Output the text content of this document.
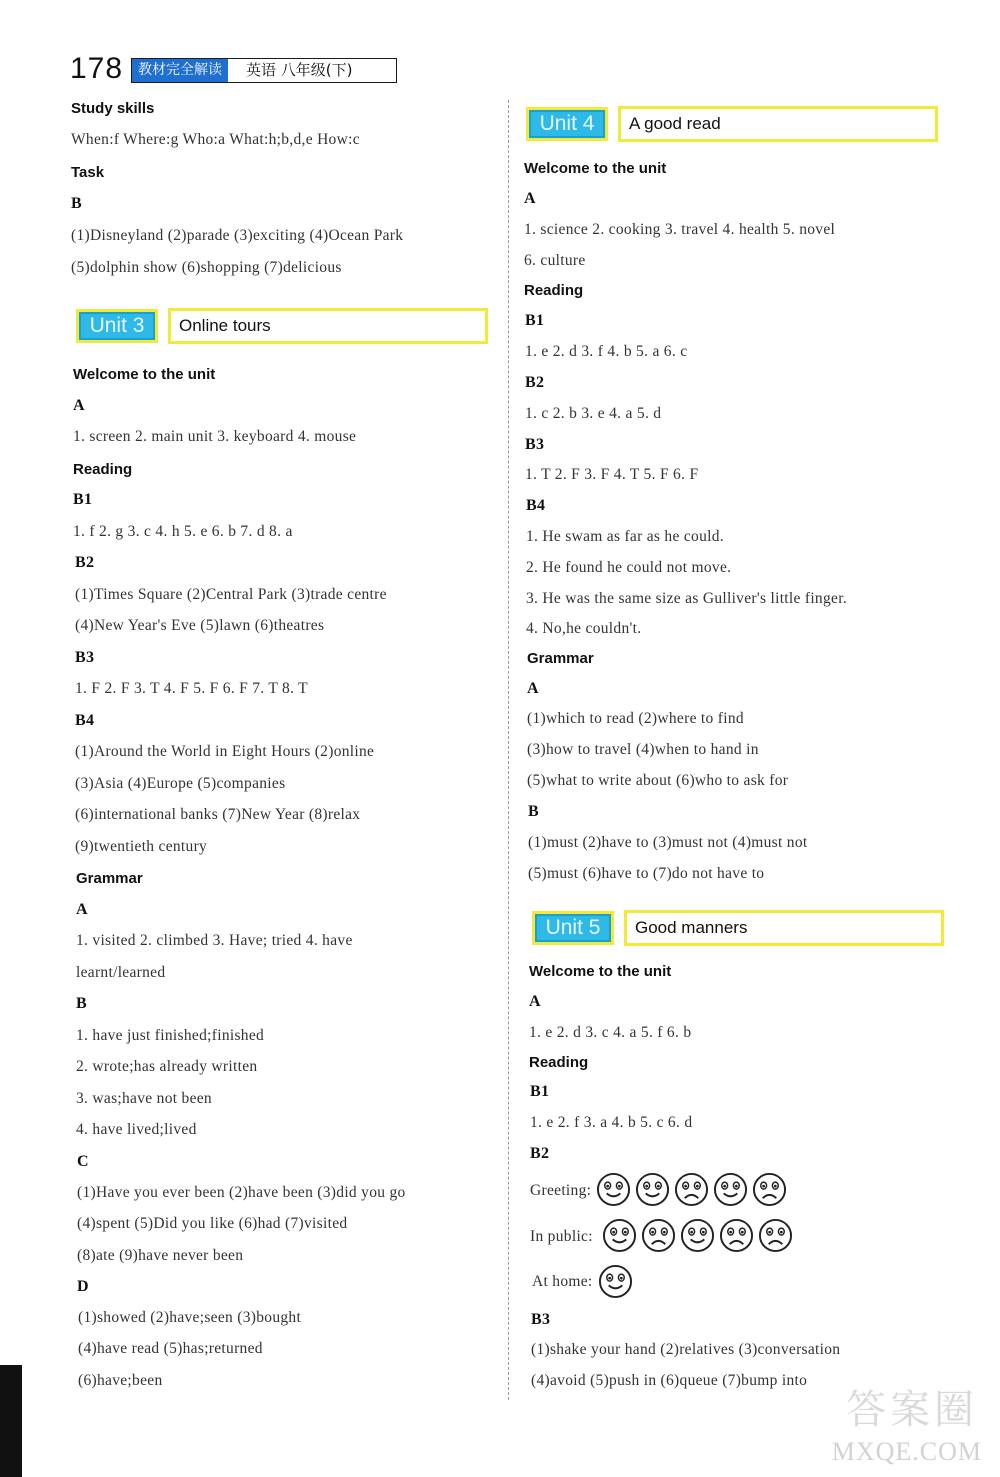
178	教材完全解读	英语 八年级(下)
Study skills
When:f Where:g Who:a What:h;b,d,e How:c
Task
B
(1)Disneyland (2)parade (3)exciting (4)Ocean Park
(5)dolphin show (6)shopping (7)delicious
Unit 3	Online tours
Welcome to the unit
A
1. screen 2. main unit 3. keyboard 4. mouse
Reading
B1
1. f 2. g 3. c 4. h 5. e 6. b 7. d 8. a
B2
(1)Times Square (2)Central Park (3)trade centre
(4)New Year's Eve (5)lawn (6)theatres
B3
1. F 2. F 3. T 4. F 5. F 6. F 7. T 8. T
B4
(1)Around the World in Eight Hours (2)online
(3)Asia (4)Europe (5)companies
(6)international banks (7)New Year (8)relax
(9)twentieth century
Grammar
A
1. visited 2. climbed 3. Have; tried 4. have
learnt/learned
B
1. have just finished;finished
2. wrote;has already written
3. was;have not been
4. have lived;lived
C
(1)Have you ever been (2)have been (3)did you go
(4)spent (5)Did you like (6)had (7)visited
(8)ate (9)have never been
D
(1)showed (2)have;seen (3)bought
(4)have read (5)has;returned
(6)have;been
Unit 4	A good read
Welcome to the unit
A
1. science 2. cooking 3. travel 4. health 5. novel
6. culture
Reading
B1
1. e 2. d 3. f 4. b 5. a 6. c
B2
1. c 2. b 3. e 4. a 5. d
B3
1. T 2. F 3. F 4. T 5. F 6. F
B4
1. He swam as far as he could.
2. He found he could not move.
3. He was the same size as Gulliver's little finger.
4. No,he couldn't.
Grammar
A
(1)which to read (2)where to find
(3)how to travel (4)when to hand in
(5)what to write about (6)who to ask for
B
(1)must (2)have to (3)must not (4)must not
(5)must (6)have to (7)do not have to
Unit 5	Good manners
Welcome to the unit
A
1. e 2. d 3. c 4. a 5. f 6. b
Reading
B1
1. e 2. f 3. a 4. b 5. c 6. d
B2
Greeting:
In public:
At home:
B3
(1)shake your hand (2)relatives (3)conversation
(4)avoid (5)push in (6)queue (7)bump into
答案圈
MXQE.COM
